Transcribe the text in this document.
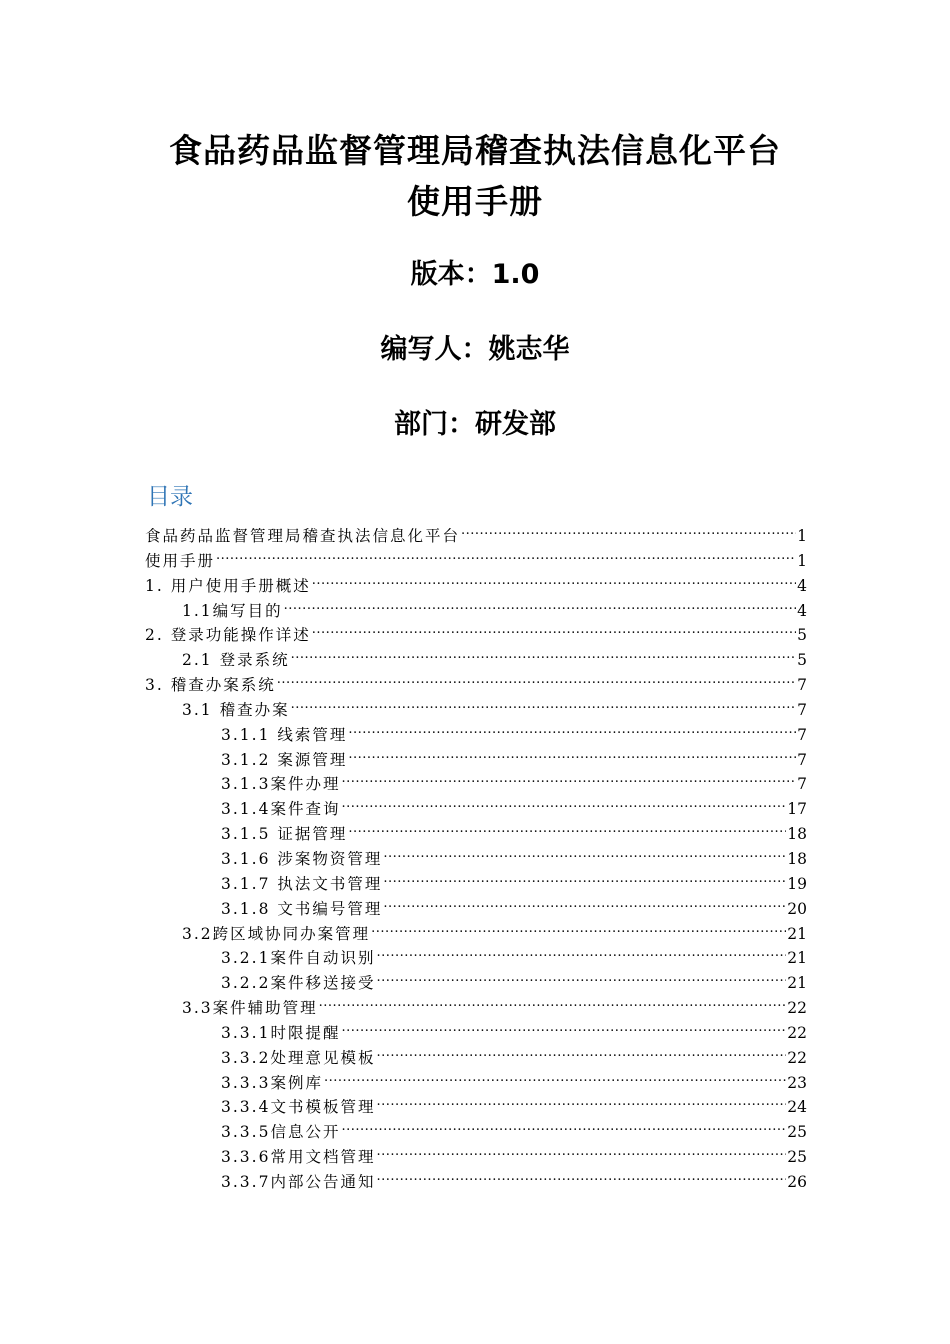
食品药品监督管理局稽查执法信息化平台
使用手册
版本：1.0
编写人：姚志华
部门：研发部
目录
食品药品监督管理局稽查执法信息化平台 .....	1
使用手册 .....	1
1. 用户使用手册概述 .....	4
1.1编写目的 .....	4
2. 登录功能操作详述 .....	5
2.1 登录系统 .....	5
3. 稽查办案系统 .....	7
3.1 稽查办案 .....	7
3.1.1 线索管理 .....	7
3.1.2 案源管理 .....	7
3.1.3案件办理 .....	7
3.1.4案件查询 .....	17
3.1.5 证据管理 .....	18
3.1.6 涉案物资管理 .....	18
3.1.7 执法文书管理 .....	19
3.1.8 文书编号管理 .....	20
3.2跨区域协同办案管理 .....	21
3.2.1案件自动识别 .....	21
3.2.2案件移送接受 .....	21
3.3案件辅助管理 .....	22
3.3.1时限提醒 .....	22
3.3.2处理意见模板 .....	22
3.3.3案例库 .....	23
3.3.4文书模板管理 .....	24
3.3.5信息公开 .....	25
3.3.6常用文档管理 .....	25
3.3.7内部公告通知 .....	26
